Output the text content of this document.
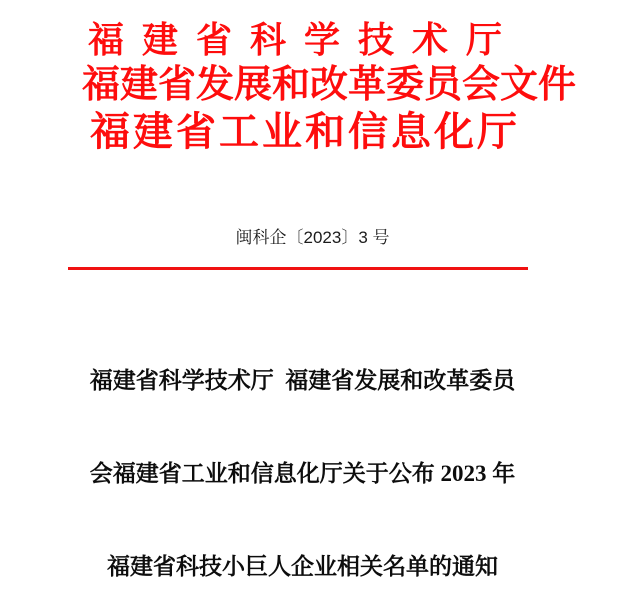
福 建 省 科 学 技 术 厅
福建省发展和改革委员会文件
福建省工业和信息化厅
闽科企〔2023〕3 号

福建省科学技术厅  福建省发展和改革委员

会福建省工业和信息化厅关于公布 2023 年

福建省科技小巨人企业相关名单的通知
